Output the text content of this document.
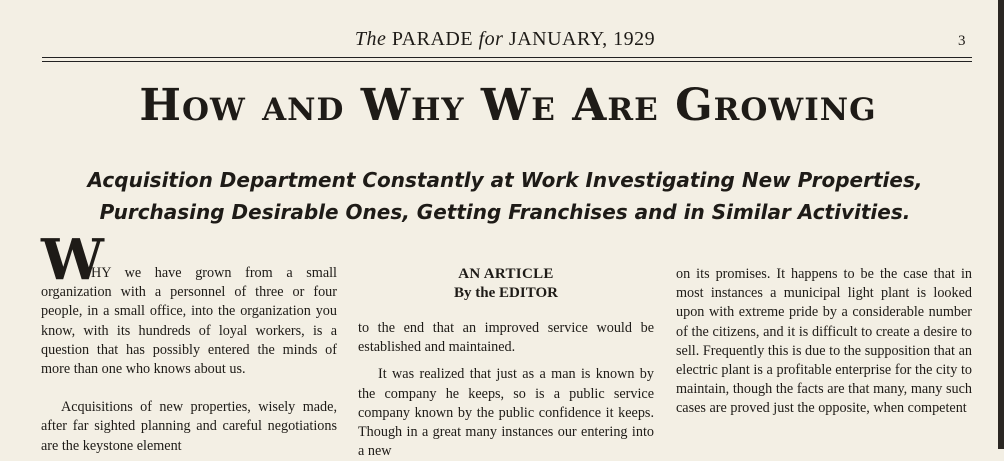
The PARADE for JANUARY, 1929	3
How and Why We Are Growing
Acquisition Department Constantly at Work Investigating New Properties,
Purchasing Desirable Ones, Getting Franchises and in Similar Activities.
W

HY we have grown from a small organization with a personnel of three or four people, in a small office, into the organization you know, with its hundreds of loyal workers, is a question that has possibly entered the minds of more than one who knows about us.

Acquisitions of new properties, wisely made, after far sighted planning and careful negotiations are the keystone element

AN ARTICLE
By the EDITOR

to the end that an improved service would be established and maintained.

It was realized that just as a man is known by the company he keeps, so is a public service company known by the public confidence it keeps. Though in a great many instances our entering into a new

on its promises. It happens to be the case that in most instances a municipal light plant is looked upon with extreme pride by a considerable number of the citizens, and it is difficult to create a desire to sell. Frequently this is due to the supposition that an electric plant is a profitable enterprise for the city to maintain, though the facts are that many, many such cases are proved just the opposite, when competent
